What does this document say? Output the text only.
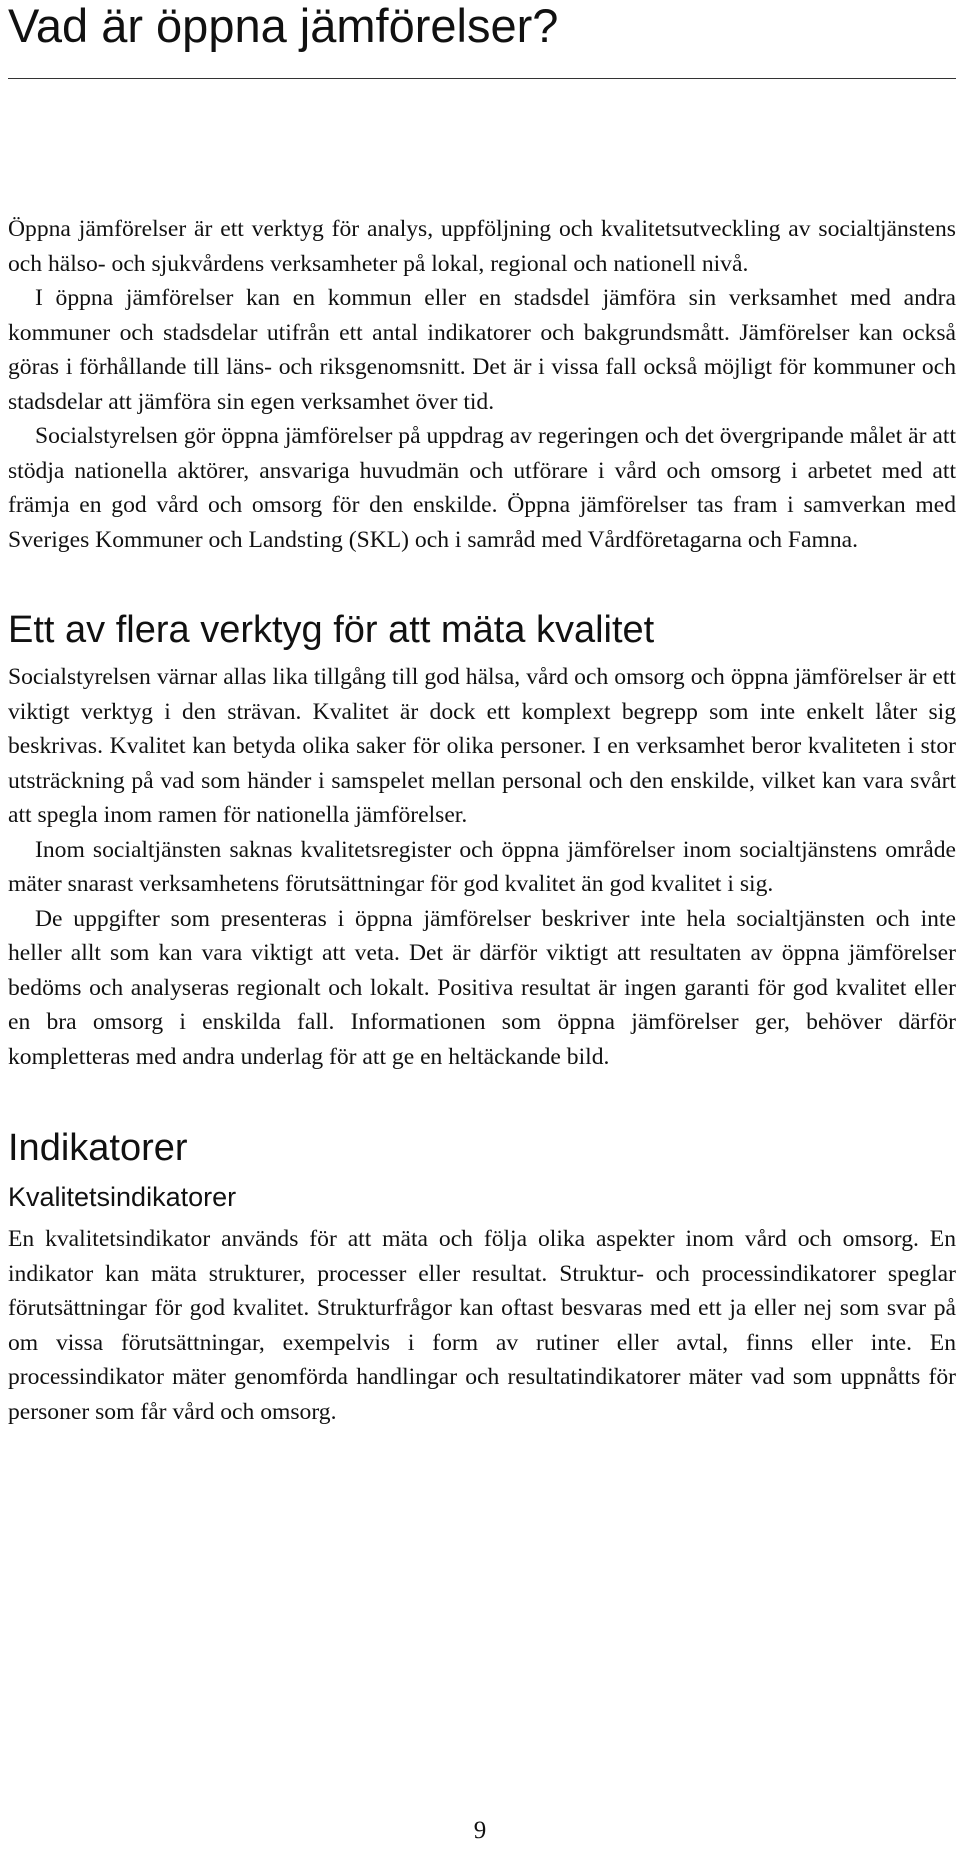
Vad är öppna jämförelser?

Öppna jämförelser är ett verktyg för analys, uppföljning och kvalitetsutveckling av socialtjänstens och hälso- och sjukvårdens verksamheter på lokal, regional och nationell nivå.

I öppna jämförelser kan en kommun eller en stadsdel jämföra sin verksamhet med andra kommuner och stadsdelar utifrån ett antal indikatorer och bakgrundsmått. Jämförelser kan också göras i förhållande till läns- och riksgenomsnitt. Det är i vissa fall också möjligt för kommuner och stadsdelar att jämföra sin egen verksamhet över tid.

Socialstyrelsen gör öppna jämförelser på uppdrag av regeringen och det övergripande målet är att stödja nationella aktörer, ansvariga huvudmän och utförare i vård och omsorg i arbetet med att främja en god vård och omsorg för den enskilde. Öppna jämförelser tas fram i samverkan med Sveriges Kommuner och Landsting (SKL) och i samråd med Vårdföretagarna och Famna.

Ett av flera verktyg för att mäta kvalitet

Socialstyrelsen värnar allas lika tillgång till god hälsa, vård och omsorg och öppna jämförelser är ett viktigt verktyg i den strävan. Kvalitet är dock ett komplext begrepp som inte enkelt låter sig beskrivas. Kvalitet kan betyda olika saker för olika personer. I en verksamhet beror kvaliteten i stor utsträckning på vad som händer i samspelet mellan personal och den enskilde, vilket kan vara svårt att spegla inom ramen för nationella jämförelser.

Inom socialtjänsten saknas kvalitetsregister och öppna jämförelser inom socialtjänstens område mäter snarast verksamhetens förutsättningar för god kvalitet än god kvalitet i sig.

De uppgifter som presenteras i öppna jämförelser beskriver inte hela socialtjänsten och inte heller allt som kan vara viktigt att veta. Det är därför viktigt att resultaten av öppna jämförelser bedöms och analyseras regionalt och lokalt. Positiva resultat är ingen garanti för god kvalitet eller en bra omsorg i enskilda fall. Informationen som öppna jämförelser ger, behöver därför kompletteras med andra underlag för att ge en heltäckande bild.

Indikatorer
Kvalitetsindikatorer

En kvalitetsindikator används för att mäta och följa olika aspekter inom vård och omsorg. En indikator kan mäta strukturer, processer eller resultat. Struktur- och processindikatorer speglar förutsättningar för god kvalitet. Strukturfrågor kan oftast besvaras med ett ja eller nej som svar på om vissa förutsättningar, exempelvis i form av rutiner eller avtal, finns eller inte. En processindikator mäter genomförda handlingar och resultatindikatorer mäter vad som uppnåtts för personer som får vård och omsorg.

9
